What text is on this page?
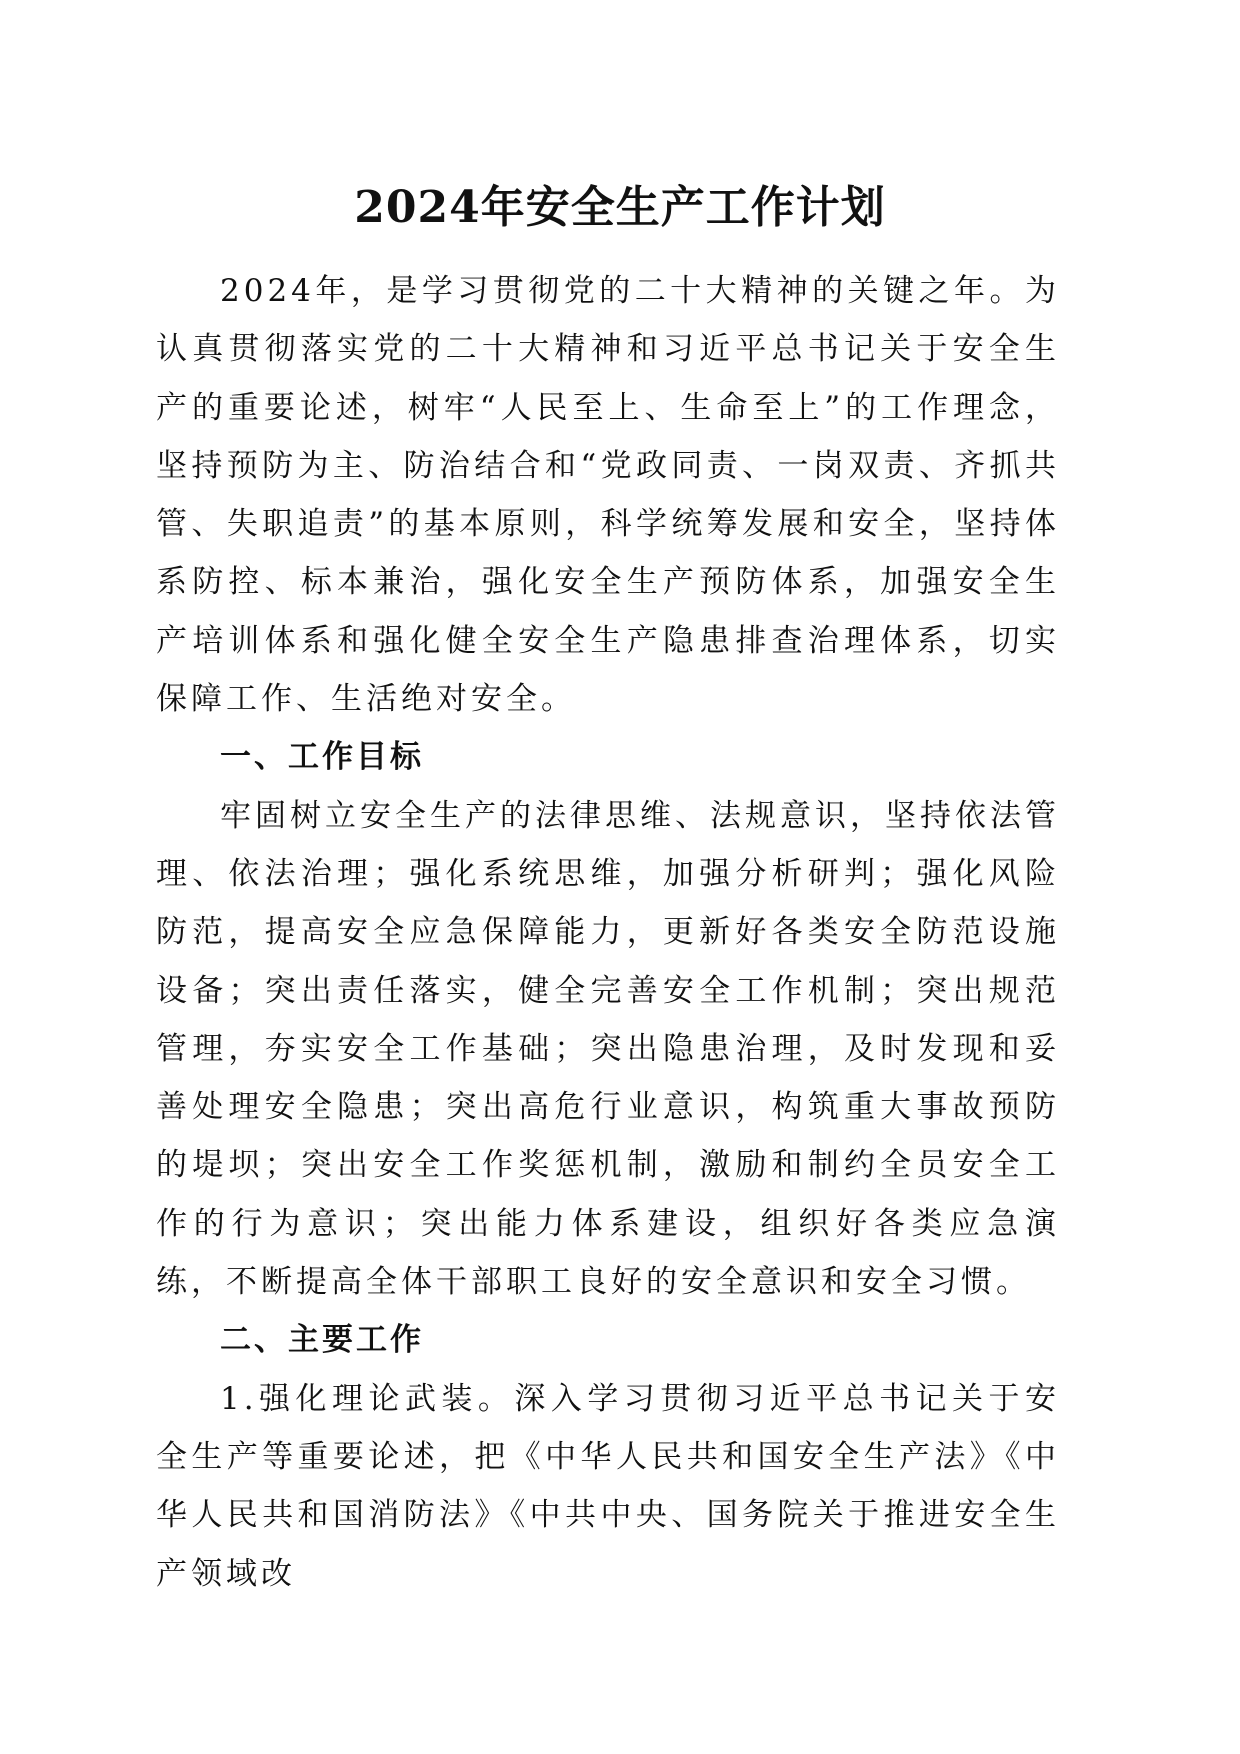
2024年安全生产工作计划

2024年，是学习贯彻党的二十大精神的关键之年。为认真贯彻落实党的二十大精神和习近平总书记关于安全生产的重要论述，树牢“人民至上、生命至上”的工作理念，坚持预防为主、防治结合和“党政同责、一岗双责、齐抓共管、失职追责”的基本原则，科学统筹发展和安全，坚持体系防控、标本兼治，强化安全生产预防体系，加强安全生产培训体系和强化健全安全生产隐患排查治理体系，切实保障工作、生活绝对安全。

一、工作目标

牢固树立安全生产的法律思维、法规意识，坚持依法管理、依法治理；强化系统思维，加强分析研判；强化风险防范，提高安全应急保障能力，更新好各类安全防范设施设备；突出责任落实，健全完善安全工作机制；突出规范管理，夯实安全工作基础；突出隐患治理，及时发现和妥善处理安全隐患；突出高危行业意识，构筑重大事故预防的堤坝；突出安全工作奖惩机制，激励和制约全员安全工作的行为意识；突出能力体系建设，组织好各类应急演练，不断提高全体干部职工良好的安全意识和安全习惯。

二、主要工作

1.强化理论武装。深入学习贯彻习近平总书记关于安全生产等重要论述，把《中华人民共和国安全生产法》《中华人民共和国消防法》《中共中央、国务院关于推进安全生产领域改
